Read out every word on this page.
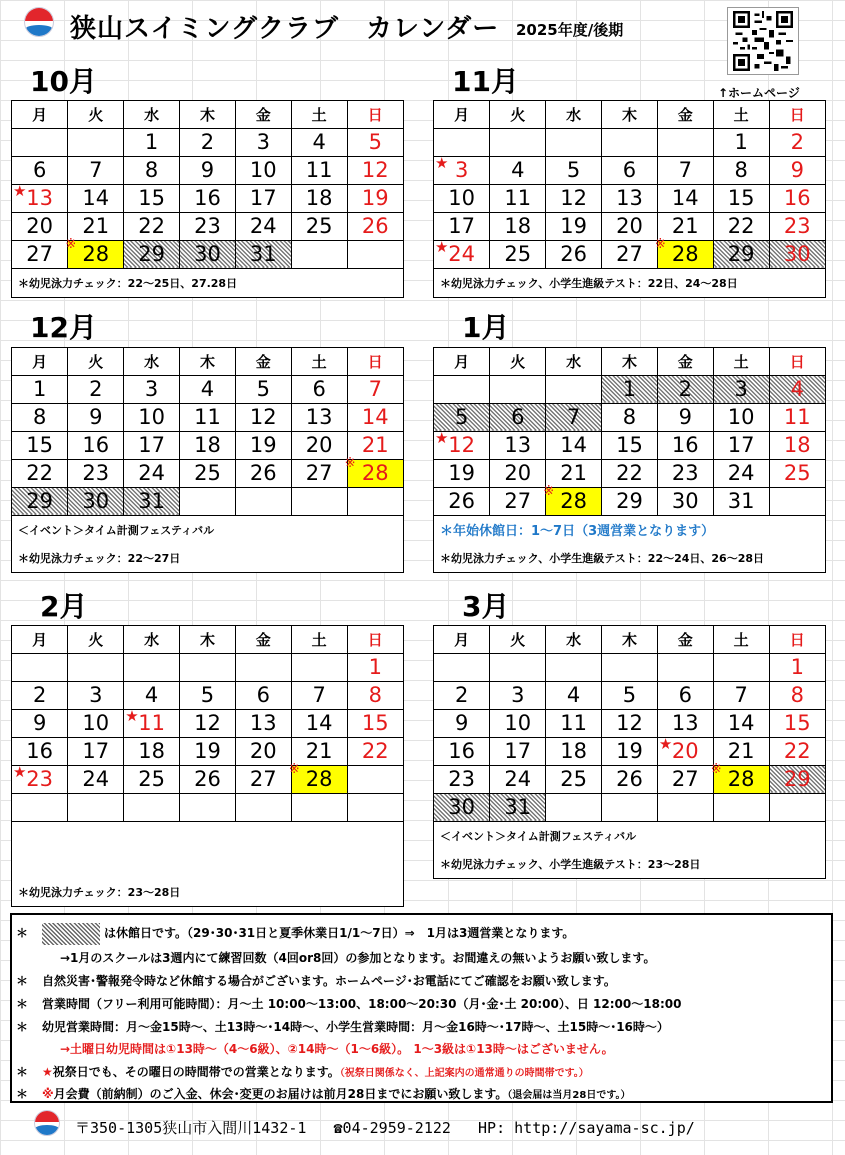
狭山スイミングクラブ　カレンダー 2025年度/後期
↑ホームページ
10月	11月
12月	1月
2月	3月
月	火	水	木	金	土	日
		1	2	3	4	5
6	7	8	9	10	11	12

★ 13	14	15	16	17	18	19
20	21	22	23	24	25	26
27	※ 28	29	30	31		
＊幼児泳力チェック：22～25日、27.28日
月	火	水	木	金	土	日
					1	2

★ 3	4	5	6	7	8	9
10	11	12	13	14	15	16
17	18	19	20	21	22	23

★ 24	25	26	27	※ 28	29	30
＊幼児泳力チェック、小学生進級テスト：22日、24～28日
月	火	水	木	金	土	日
1	2	3	4	5	6	7
8	9	10	11	12	13	14
15	16	17	18	19	20	21
22	23	24	25	26	27	※ 28
29	30	31				
＜イベント＞タイム計測フェスティバル
＊幼児泳力チェック：22～27日
月	火	水	木	金	土	日
			1	2	3	4
5	6	7	8	9	10	11

★ 12	13	14	15	16	17	18
19	20	21	22	23	24	25
26	27	※ 28	29	30	31	
＊年始休館日：1～7日（3週営業となります）
＊幼児泳力チェック、小学生進級テスト：22～24日、26～28日
月	火	水	木	金	土	日
						1
2	3	4	5	6	7	8
9	10	★ 11	12	13	14	15
16	17	18	19	20	21	22

★ 23	24	25	26	27	※ 28	

＊幼児泳力チェック：23～28日
月	火	水	木	金	土	日
						1
2	3	4	5	6	7	8
9	10	11	12	13	14	15
16	17	18	19	★ 20	21	22
23	24	25	26	27	※ 28	29
30	31					
＜イベント＞タイム計測フェスティバル
＊幼児泳力チェック、小学生進級テスト：23～28日
＊	は休館日です。（29･30･31日と夏季休業日1/1～7日）⇒　1月は3週営業となります。
→1月のスクールは3週内にて練習回数（4回or8回）の参加となります。お間違えの無いようお願い致します。
＊ 自然災害･警報発令時など休館する場合がございます。ホームページ･お電話にてご確認をお願い致します。
＊ 営業時間（フリー利用可能時間）：月～土 10:00～13:00、18:00～20:30（月･金･土 20:00）、日 12:00～18:00
＊ 幼児営業時間：月～金15時～、土13時～･14時～、小学生営業時間：月～金16時～･17時～、土15時～･16時～）
→土曜日幼児時間は①13時～（4～6級）、②14時～（1～6級）。 1～3級は①13時～はございません。
＊ ★祝祭日でも、その曜日の時間帯での営業となります。（祝祭日関係なく、上記案内の通常通りの時間帯です。）
＊ ※月会費（前納制）のご入金、休会･変更のお届けは前月28日までにお願い致します。（退会届は当月28日です。）
〒350-1305狭山市入間川1432-1 ☎04-2959-2122 HP: http://sayama-sc.jp/
